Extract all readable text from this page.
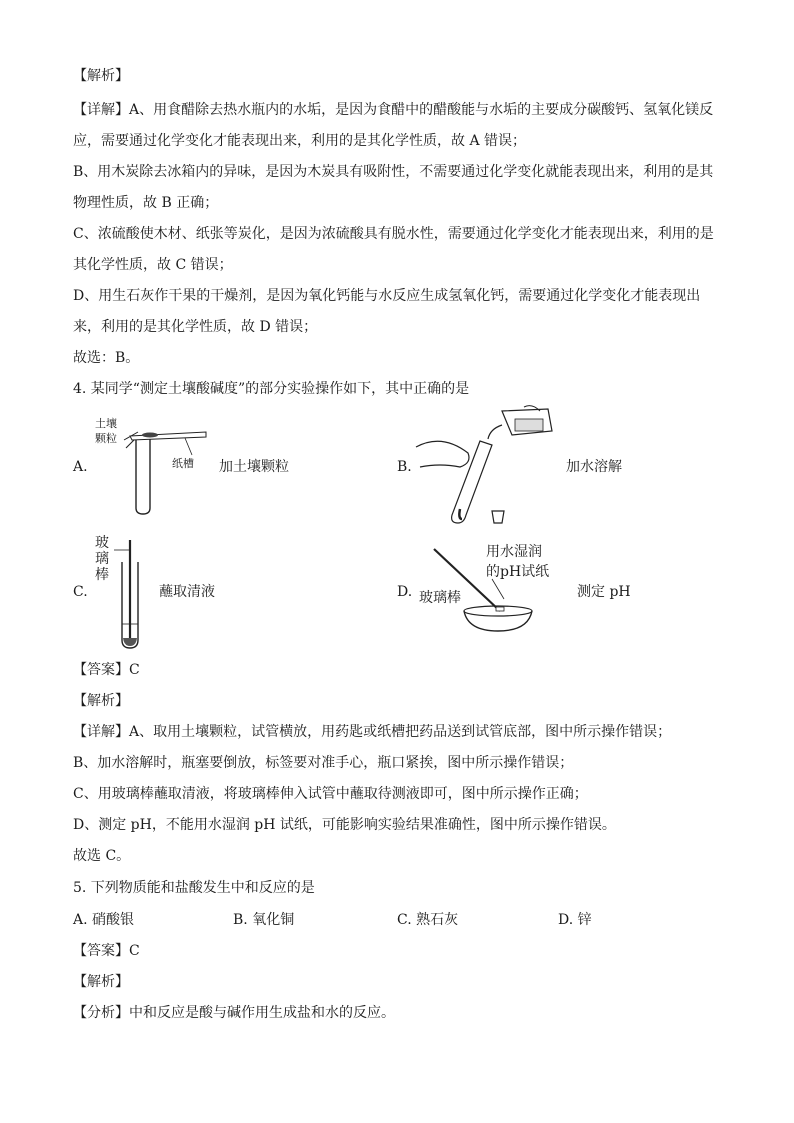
【解析】
【详解】A、用食醋除去热水瓶内的水垢，是因为食醋中的醋酸能与水垢的主要成分碳酸钙、氢氧化镁反
应，需要通过化学变化才能表现出来，利用的是其化学性质，故 A 错误；
B、用木炭除去冰箱内的异味，是因为木炭具有吸附性，不需要通过化学变化就能表现出来，利用的是其
物理性质，故 B 正确；
C、浓硫酸使木材、纸张等炭化，是因为浓硫酸具有脱水性，需要通过化学变化才能表现出来，利用的是
其化学性质，故 C 错误；
D、用生石灰作干果的干燥剂，是因为氧化钙能与水反应生成氢氧化钙，需要通过化学变化才能表现出
来，利用的是其化学性质，故 D 错误；
故选：B。
4. 某同学“测定土壤酸碱度”的部分实验操作如下，其中正确的是
A.
土壤
颗粒
纸槽 加土壤颗粒	B.	加水溶解
C.
玻
璃
棒
蘸取清液	D.
用水湿润
的pH试纸
玻璃棒	测定 pH
【答案】C
【解析】
【详解】A、取用土壤颗粒，试管横放，用药匙或纸槽把药品送到试管底部，图中所示操作错误；
B、加水溶解时，瓶塞要倒放，标签要对准手心，瓶口紧挨，图中所示操作错误；
C、用玻璃棒蘸取清液，将玻璃棒伸入试管中蘸取待测液即可，图中所示操作正确；
D、测定 pH，不能用水湿润 pH 试纸，可能影响实验结果准确性，图中所示操作错误。
故选 C。
5. 下列物质能和盐酸发生中和反应的是
A. 硝酸银	B. 氧化铜	C. 熟石灰	D. 锌
【答案】C
【解析】
【分析】中和反应是酸与碱作用生成盐和水的反应。
